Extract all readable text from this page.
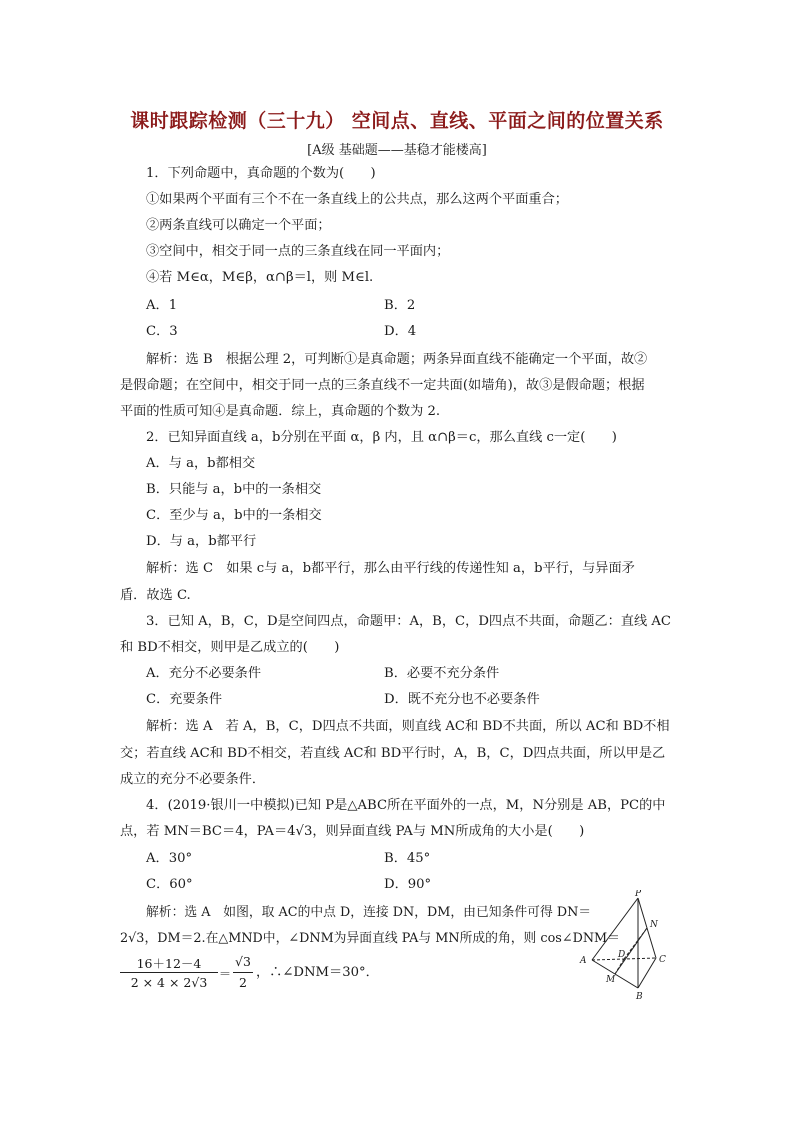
课时跟踪检测（三十九） 空间点、直线、平面之间的位置关系
[A级 基础题——基稳才能楼高]
1．下列命题中，真命题的个数为(　　)
①如果两个平面有三个不在一条直线上的公共点，那么这两个平面重合；
②两条直线可以确定一个平面；
③空间中，相交于同一点的三条直线在同一平面内；
④若 M∈α，M∈β，α∩β＝l，则 M∈l.
A．1	B．2
C．3	D．4
解析：选 B　根据公理 2，可判断①是真命题；两条异面直线不能确定一个平面，故②
是假命题；在空间中，相交于同一点的三条直线不一定共面(如墙角)，故③是假命题；根据
平面的性质可知④是真命题．综上，真命题的个数为 2.
2．已知异面直线 a，b分别在平面 α，β 内，且 α∩β＝c，那么直线 c一定(　　)
A．与 a，b都相交
B．只能与 a，b中的一条相交
C．至少与 a，b中的一条相交
D．与 a，b都平行
解析：选 C　如果 c与 a，b都平行，那么由平行线的传递性知 a，b平行，与异面矛
盾．故选 C.
3．已知 A，B，C，D是空间四点，命题甲：A，B，C，D四点不共面，命题乙：直线 AC
和 BD不相交，则甲是乙成立的(　　)
A．充分不必要条件	B．必要不充分条件
C．充要条件	D．既不充分也不必要条件
解析：选 A　若 A，B，C，D四点不共面，则直线 AC和 BD不共面，所以 AC和 BD不相
交；若直线 AC和 BD不相交，若直线 AC和 BD平行时，A，B，C，D四点共面，所以甲是乙
成立的充分不必要条件．
4．(2019·银川一中模拟)已知 P是△ABC所在平面外的一点，M，N分别是 AB，PC的中
点，若 MN＝BC＝4，PA＝4√3，则异面直线 PA与 MN所成角的大小是(　　)
A．30°	B．45°
C．60°	D．90°
解析：选 A　如图，取 AC的中点 D，连接 DN，DM，由已知条件可得 DN＝
2√3，DM＝2.在△MND中，∠DNM为异面直线 PA与 MN所成的角，则 cos∠DNM＝
16＋12－4
2 × 4 × 2√3
＝
√3
2
，∴∠DNM＝30°．
P
A
B
C
D
M
N
